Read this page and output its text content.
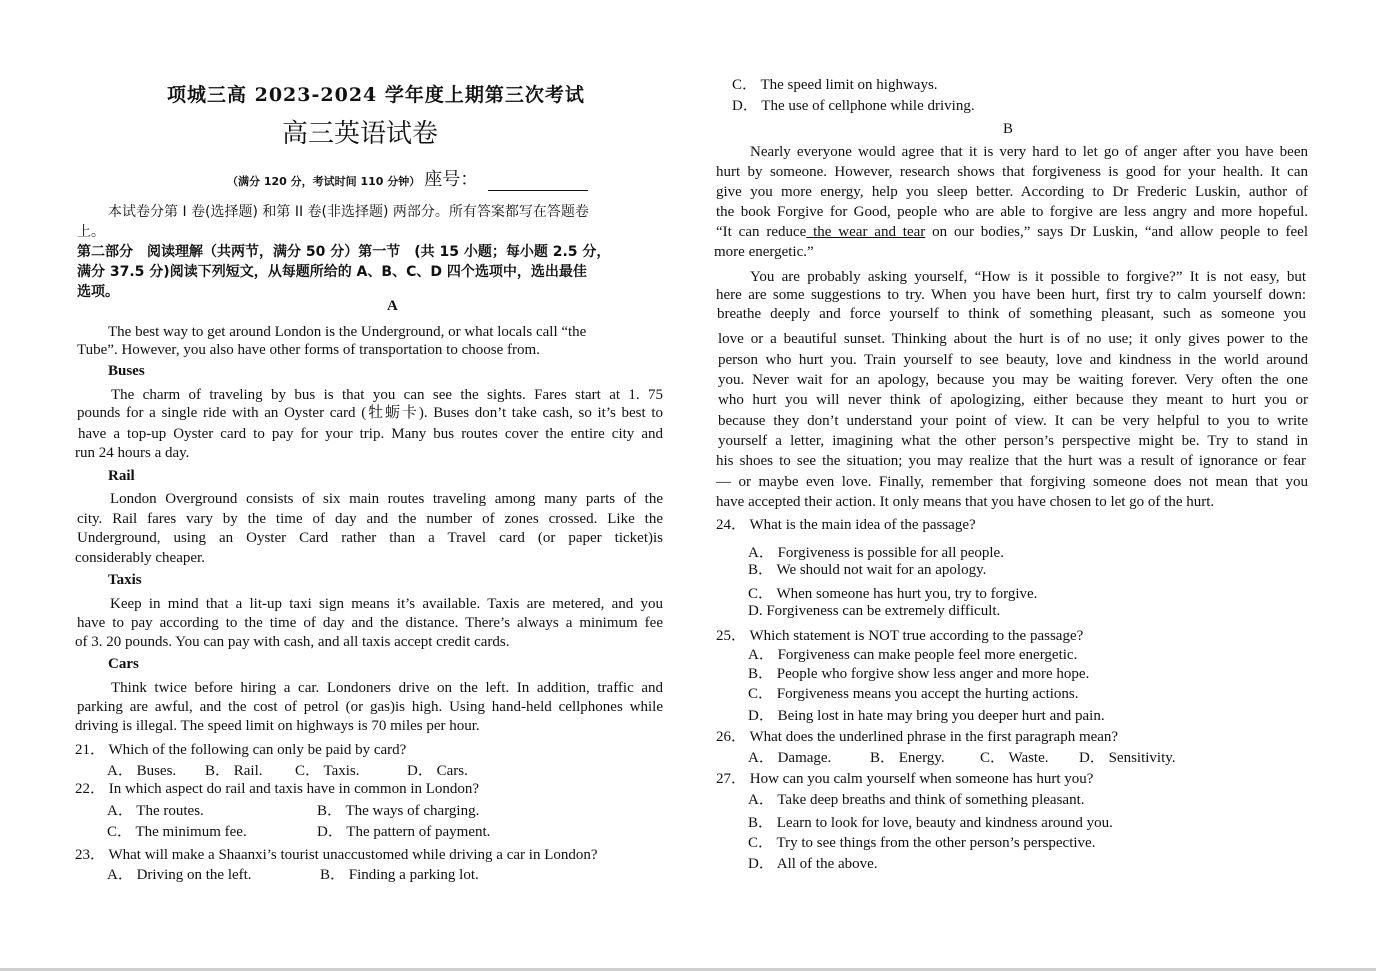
项城三高 2023-2024 学年度上期第三次考试
高三英语试卷
（满分 120 分，考试时间 110 分钟） 座号：
本试卷分第 I 卷(选择题) 和第 II 卷(非选择题) 两部分。所有答案都写在答题卷
上。
第二部分　阅读理解（共两节，满分 50 分）第一节　(共 15 小题；每小题 2.5 分，
满分 37.5 分)阅读下列短文，从每题所给的 A、B、C、D 四个选项中，选出最佳
选项。
A
The best way to get around London is the Underground, or what locals call “the
Tube”. However, you also have other forms of transportation to choose from.
Buses
The charm of traveling by bus is that you can see the sights. Fares start at 1. 75
pounds for a single ride with an Oyster card (牡蛎卡). Buses don’t take cash, so it’s best to
have a top-up Oyster card to pay for your trip. Many bus routes cover the entire city and
run 24 hours a day.
Rail
London Overground consists of six main routes traveling among many parts of the
city. Rail fares vary by the time of day and the number of zones crossed. Like the
Underground, using an Oyster Card rather than a Travel card (or paper ticket)is
considerably cheaper.
Taxis
Keep in mind that a lit-up taxi sign means it’s available. Taxis are metered, and you
have to pay according to the time of day and the distance. There’s always a minimum fee
of 3. 20 pounds. You can pay with cash, and all taxis accept credit cards.
Cars
Think twice before hiring a car. Londoners drive on the left. In addition, traffic and
parking are awful, and the cost of petrol (or gas)is high. Using hand-held cellphones while
driving is illegal. The speed limit on highways is 70 miles per hour.
21． Which of the following can only be paid by card?
A． Buses. B． Rail. C． Taxis.	D． Cars.
22． In which aspect do rail and taxis have in common in London?
A． The routes.	B． The ways of charging.
C． The minimum fee.	D． The pattern of payment.
23． What will make a Shaanxi’s tourist unaccustomed while driving a car in London?
A． Driving on the left.	B． Finding a parking lot.
C． The speed limit on highways.
D． The use of cellphone while driving.
B
Nearly everyone would agree that it is very hard to let go of anger after you have been
hurt by someone. However, research shows that forgiveness is good for your health. It can
give you more energy, help you sleep better. According to Dr Frederic Luskin, author of
the book Forgive for Good, people who are able to forgive are less angry and more hopeful.
“It can reduce the wear and tear on our bodies,” says Dr Luskin, “and allow people to feel
more energetic.”
You are probably asking yourself, “How is it possible to forgive?” It is not easy, but
here are some suggestions to try. When you have been hurt, first try to calm yourself down:
breathe deeply and force yourself to think of something pleasant, such as someone you
love or a beautiful sunset. Thinking about the hurt is of no use; it only gives power to the
person who hurt you. Train yourself to see beauty, love and kindness in the world around
you. Never wait for an apology, because you may be waiting forever. Very often the one
who hurt you will never think of apologizing, either because they meant to hurt you or
because they don’t understand your point of view. It can be very helpful to you to write
yourself a letter, imagining what the other person’s perspective might be. Try to stand in
his shoes to see the situation; you may realize that the hurt was a result of ignorance or fear
— or maybe even love. Finally, remember that forgiving someone does not mean that you
have accepted their action. It only means that you have chosen to let go of the hurt.
24． What is the main idea of the passage?
A． Forgiveness is possible for all people.
B． We should not wait for an apology.
C． When someone has hurt you, try to forgive.
D. Forgiveness can be extremely difficult.
25． Which statement is NOT true according to the passage?
A． Forgiveness can make people feel more energetic.
B． People who forgive show less anger and more hope.
C． Forgiveness means you accept the hurting actions.
D． Being lost in hate may bring you deeper hurt and pain.
26． What does the underlined phrase in the first paragraph mean?
A． Damage.	B． Energy. C． Waste. D． Sensitivity.
27． How can you calm yourself when someone has hurt you?
A． Take deep breaths and think of something pleasant.
B． Learn to look for love, beauty and kindness around you.
C． Try to see things from the other person’s perspective.
D． All of the above.
